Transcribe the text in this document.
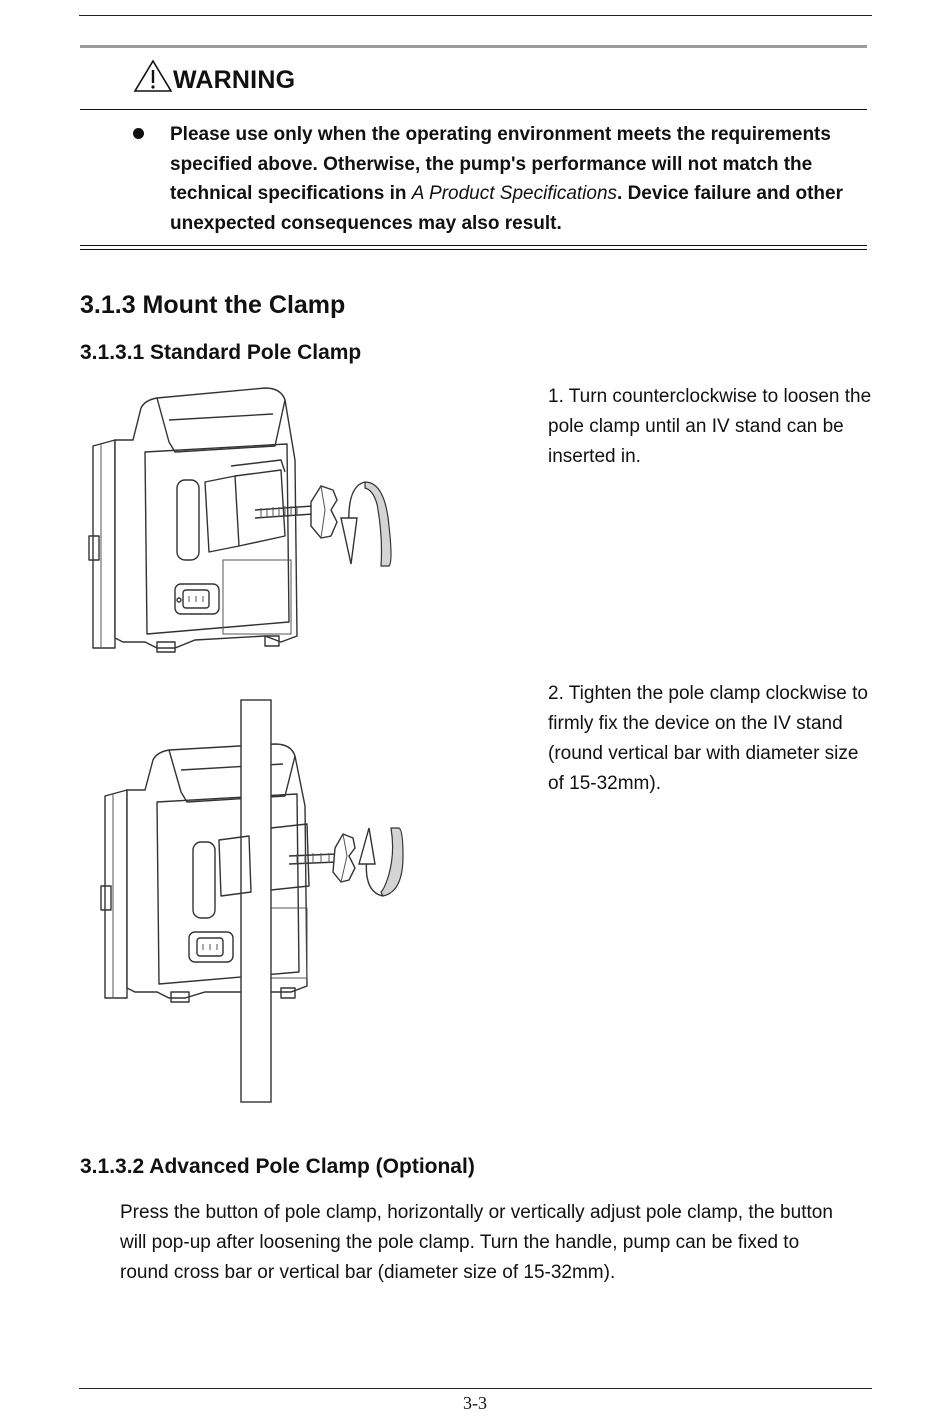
WARNING
Please use only when the operating environment meets the requirements specified above. Otherwise, the pump's performance will not match the technical specifications in A Product Specifications. Device failure and other unexpected consequences may also result.
3.1.3 Mount the Clamp
3.1.3.1 Standard Pole Clamp
1. Turn counterclockwise to loosen the pole clamp until an IV stand can be inserted in.
2. Tighten the pole clamp clockwise to firmly fix the device on the IV stand (round vertical bar with diameter size of 15-32mm).
3.1.3.2 Advanced Pole Clamp (Optional)
Press the button of pole clamp, horizontally or vertically adjust pole clamp, the button will pop-up after loosening the pole clamp. Turn the handle, pump can be fixed to round cross bar or vertical bar (diameter size of 15-32mm).
3-3
